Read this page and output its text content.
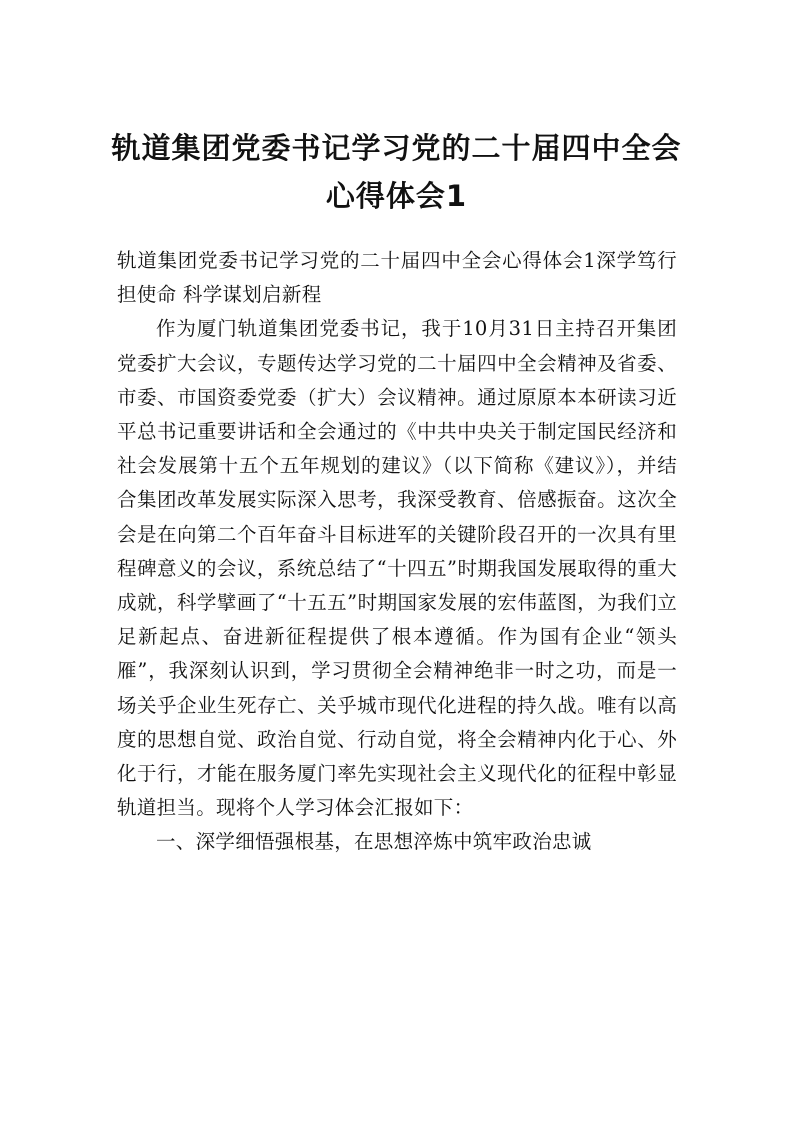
轨道集团党委书记学习党的二十届四中全会心得体会1

轨道集团党委书记学习党的二十届四中全会心得体会1深学笃行担使命 科学谋划启新程

作为厦门轨道集团党委书记，我于10月31日主持召开集团党委扩大会议，专题传达学习党的二十届四中全会精神及省委、市委、市国资委党委（扩大）会议精神。通过原原本本研读习近平总书记重要讲话和全会通过的《中共中央关于制定国民经济和社会发展第十五个五年规划的建议》（以下简称《建议》），并结合集团改革发展实际深入思考，我深受教育、倍感振奋。这次全会是在向第二个百年奋斗目标进军的关键阶段召开的一次具有里程碑意义的会议，系统总结了“十四五”时期我国发展取得的重大成就，科学擘画了“十五五”时期国家发展的宏伟蓝图，为我们立足新起点、奋进新征程提供了根本遵循。作为国有企业“领头雁”，我深刻认识到，学习贯彻全会精神绝非一时之功，而是一场关乎企业生死存亡、关乎城市现代化进程的持久战。唯有以高度的思想自觉、政治自觉、行动自觉，将全会精神内化于心、外化于行，才能在服务厦门率先实现社会主义现代化的征程中彰显轨道担当。现将个人学习体会汇报如下：

一、深学细悟强根基，在思想淬炼中筑牢政治忠诚
